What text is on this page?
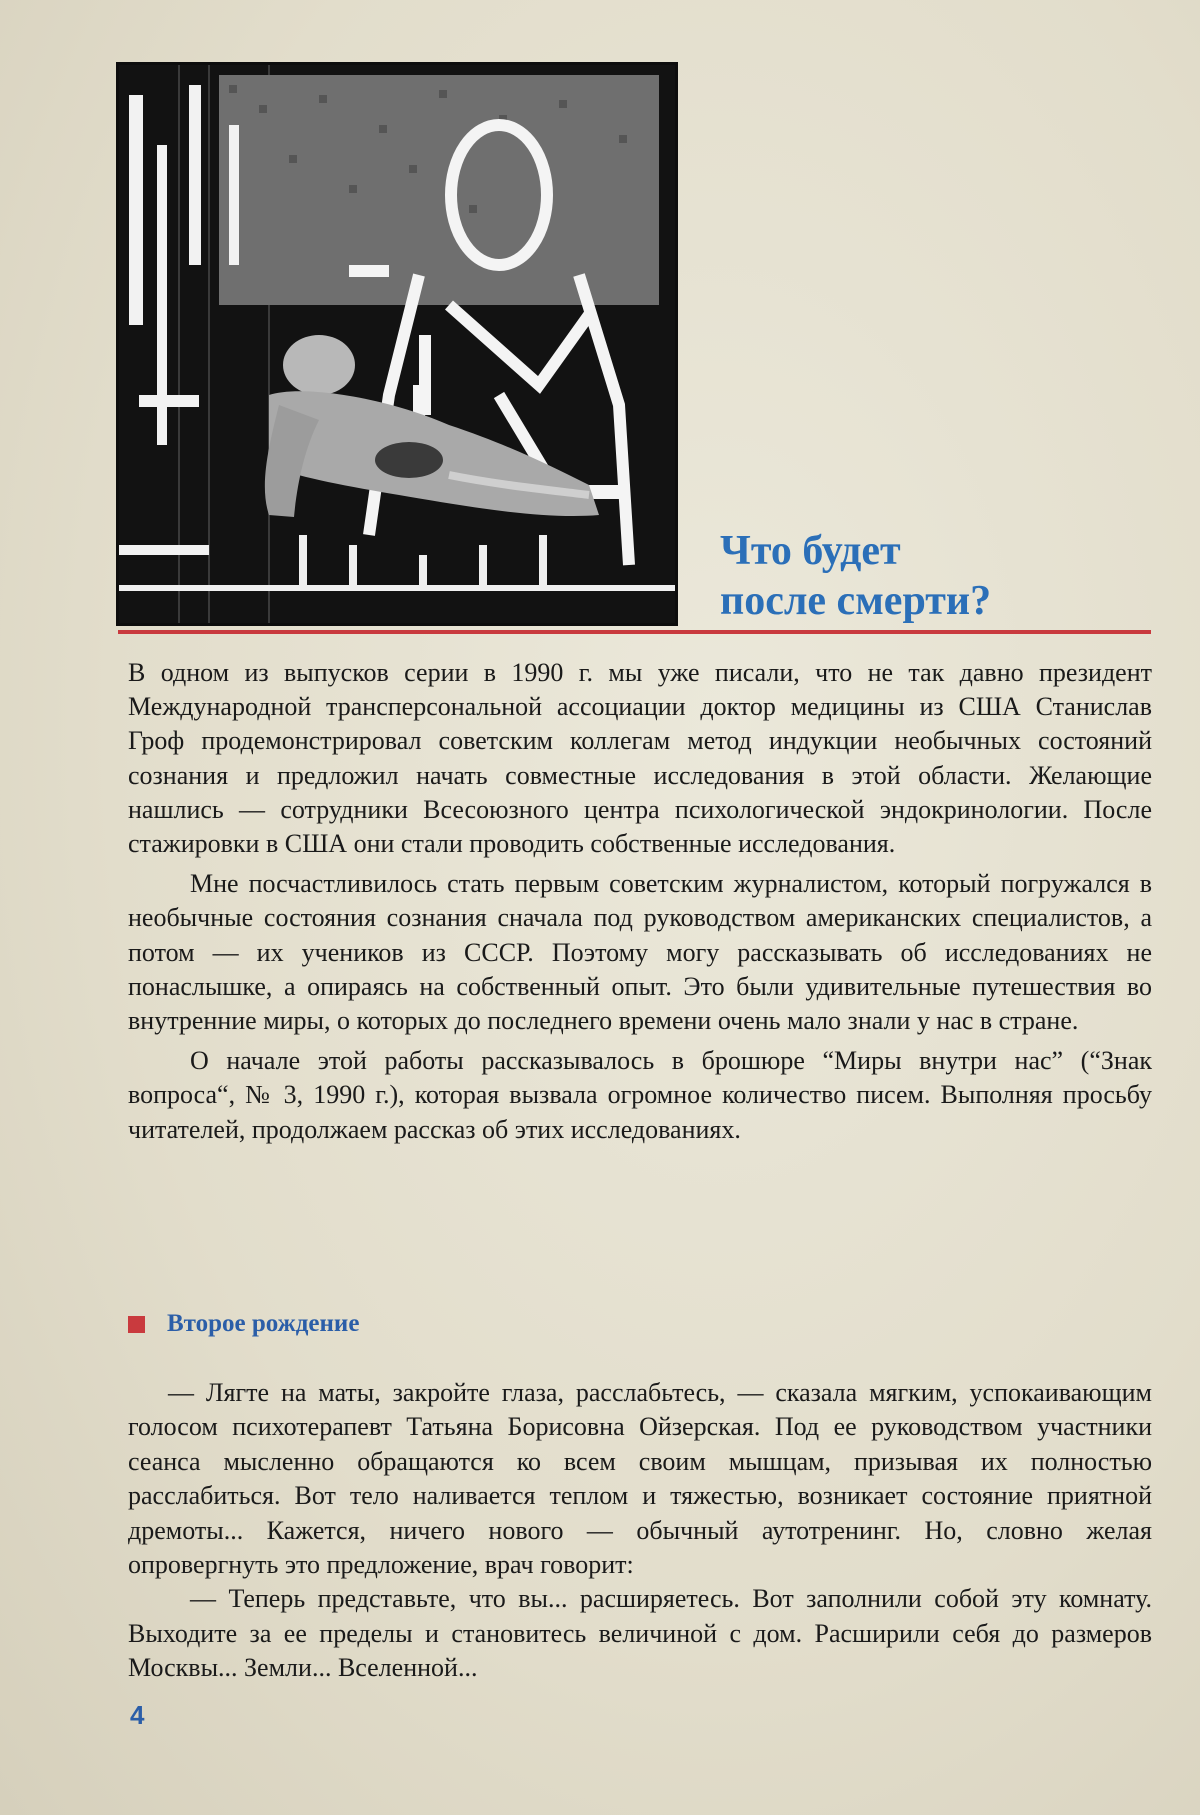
Что будет
после смерти?

В одном из выпусков серии в 1990 г. мы уже писали, что не так давно президент Международной трансперсональной ассоциации доктор медицины из США Станислав Гроф продемонстрировал советским коллегам метод индукции необычных состояний сознания и предложил начать совместные исследования в этой области. Желающие нашлись — сотрудники Всесоюзного центра психологической эндокринологии. После стажировки в США они стали проводить собственные исследования.

Мне посчастливилось стать первым советским журналистом, который погружался в необычные состояния сознания сначала под руководством американских специалистов, а потом — их учеников из СССР. Поэтому могу рассказывать об исследованиях не понаслышке, а опираясь на собственный опыт. Это были удивительные путешествия во внутренние миры, о которых до последнего времени очень мало знали у нас в стране.

О начале этой работы рассказывалось в брошюре “Миры внутри нас” (“Знак вопроса“, № 3, 1990 г.), которая вызвала огромное количество писем. Выполняя просьбу читателей, продолжаем рассказ об этих исследованиях.

Второе рождение

— Лягте на маты, закройте глаза, расслабьтесь, — сказала мягким, успокаивающим голосом психотерапевт Татьяна Борисовна Ойзерская. Под ее руководством участники сеанса мысленно обращаются ко всем своим мышцам, призывая их полностью расслабиться. Вот тело наливается теплом и тяжестью, возникает состояние приятной дремоты... Кажется, ничего нового — обычный аутотренинг. Но, словно желая опровергнуть это предложение, врач говорит:

— Теперь представьте, что вы... расширяетесь. Вот заполнили собой эту комнату. Выходите за ее пределы и становитесь величиной с дом. Расширили себя до размеров Москвы... Земли... Вселенной...

4
